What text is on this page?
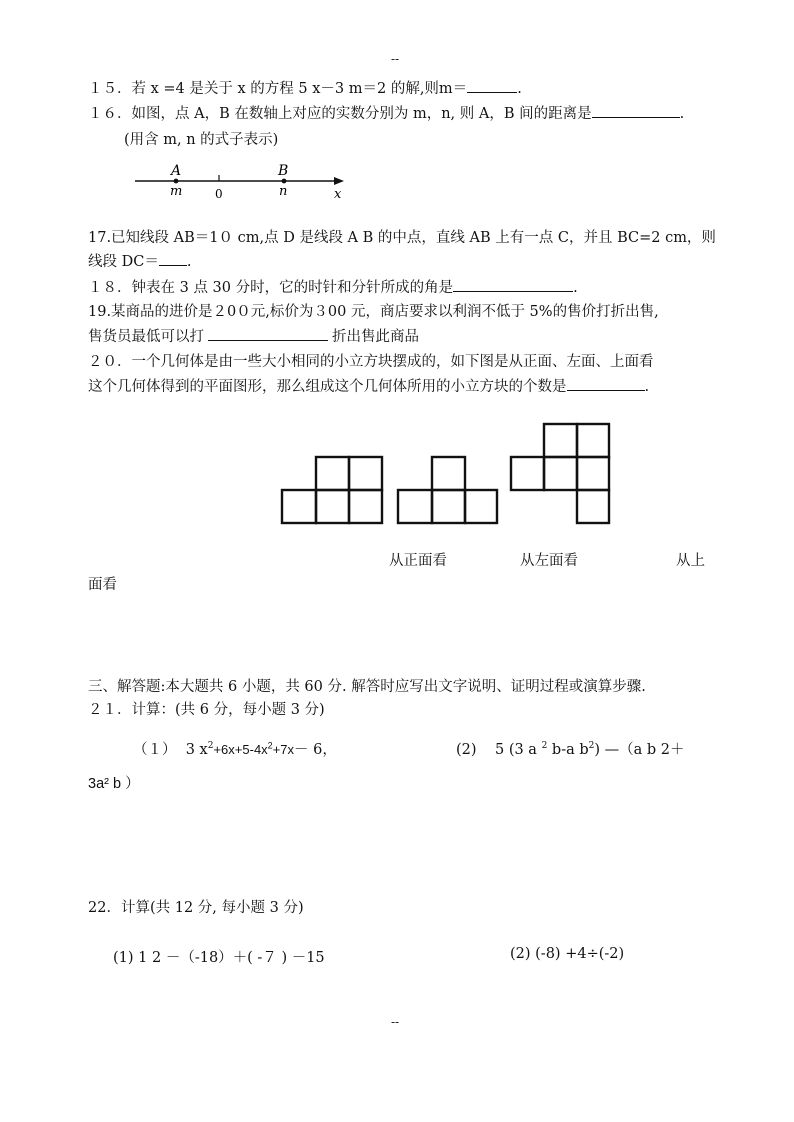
--
１５．若 x =4 是关于 x 的方程 5 x－3 m＝2 的解,则m＝	.
１６．如图，点 A，B 在数轴上对应的实数分别为 m，n, 则 A，B 间的距离是	.
(用含 m, n 的式子表示)
A	B
m	0	n	x
17.已知线段 AB＝1０ cm,点 D 是线段 A B 的中点，直线 AB 上有一点 C，并且 BC=2 cm，则
线段 DC＝ .
１８．钟表在 3 点 30 分时，它的时针和分针所成的角是	.
19.某商品的进价是２0０元,标价为３00 元，商店要求以利润不低于 5%的售价打折出售,
售货员最低可以打	折出售此商品
２０．一个几何体是由一些大小相同的小立方块摆成的，如下图是从正面、左面、上面看
这个几何体得到的平面图形，那么组成这个几何体所用的小立方块的个数是	.
从正面看	从左面看	从上
面看
三、解答题:本大题共 6 小题，共 60 分. 解答时应写出文字说明、证明过程或演算步骤.
２１．计算：(共 6 分，每小题 3 分)
（１）  3 $x^2+6x+5-4x^2+7x- 6$，	(2)    5 (3 a $^2$ b‐a $b^2$) —（a b 2＋
3a² b ）
22．计算(共 12 分, 每小题 3 分)
(1) 1 2 －（-18）＋( -７ ) －15	(2) (-8) +4÷(-2)
--
